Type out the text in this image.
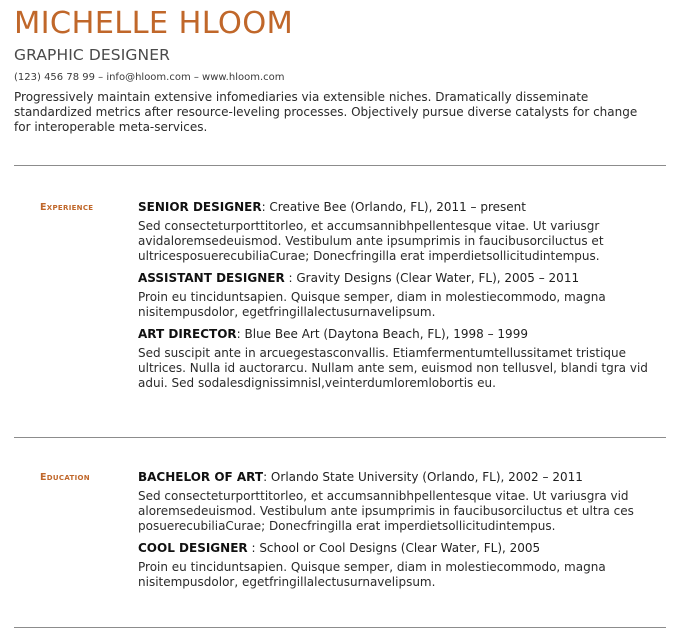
MICHELLE HLOOM
GRAPHIC DESIGNER
(123) 456 78 99 – info@hloom.com – www.hloom.com
Progressively maintain extensive infomediaries via extensible niches. Dramatically disseminate standardized metrics after resource-leveling processes. Objectively pursue diverse catalysts for change for interoperable meta-services.
Experience	SENIOR DESIGNER: Creative Bee (Orlando, FL), 2011 – present
Sed consecteturporttitorleo, et accumsannibhpellentesque vitae. Ut variusgr avidaloremsedeuismod. Vestibulum ante ipsumprimis in faucibusorciluctus et ultricesposuerecubiliaCurae; Donecfringilla erat imperdietsollicitudintempus.
ASSISTANT DESIGNER : Gravity Designs (Clear Water, FL), 2005 – 2011
Proin eu tinciduntsapien. Quisque semper, diam in molestiecommodo, magna nisitempusdolor, egetfringillalectusurnavelipsum.
ART DIRECTOR: Blue Bee Art (Daytona Beach, FL), 1998 – 1999
Sed suscipit ante in arcuegestasconvallis. Etiamfermentumtellussitamet tristique ultrices. Nulla id auctorarcu. Nullam ante sem, euismod non tellusvel, blandi tgra vid adui. Sed sodalesdignissimnisl,veinterdumloremlobortis eu.
Education	BACHELOR OF ART: Orlando State University (Orlando, FL), 2002 – 2011
Sed consecteturporttitorleo, et accumsannibhpellentesque vitae. Ut variusgra vid aloremsedeuismod. Vestibulum ante ipsumprimis in faucibusorciluctus et ultra ces posuerecubiliaCurae; Donecfringilla erat imperdietsollicitudintempus.
COOL DESIGNER : School or Cool Designs (Clear Water, FL), 2005
Proin eu tinciduntsapien. Quisque semper, diam in molestiecommodo, magna nisitempusdolor, egetfringillalectusurnavelipsum.
